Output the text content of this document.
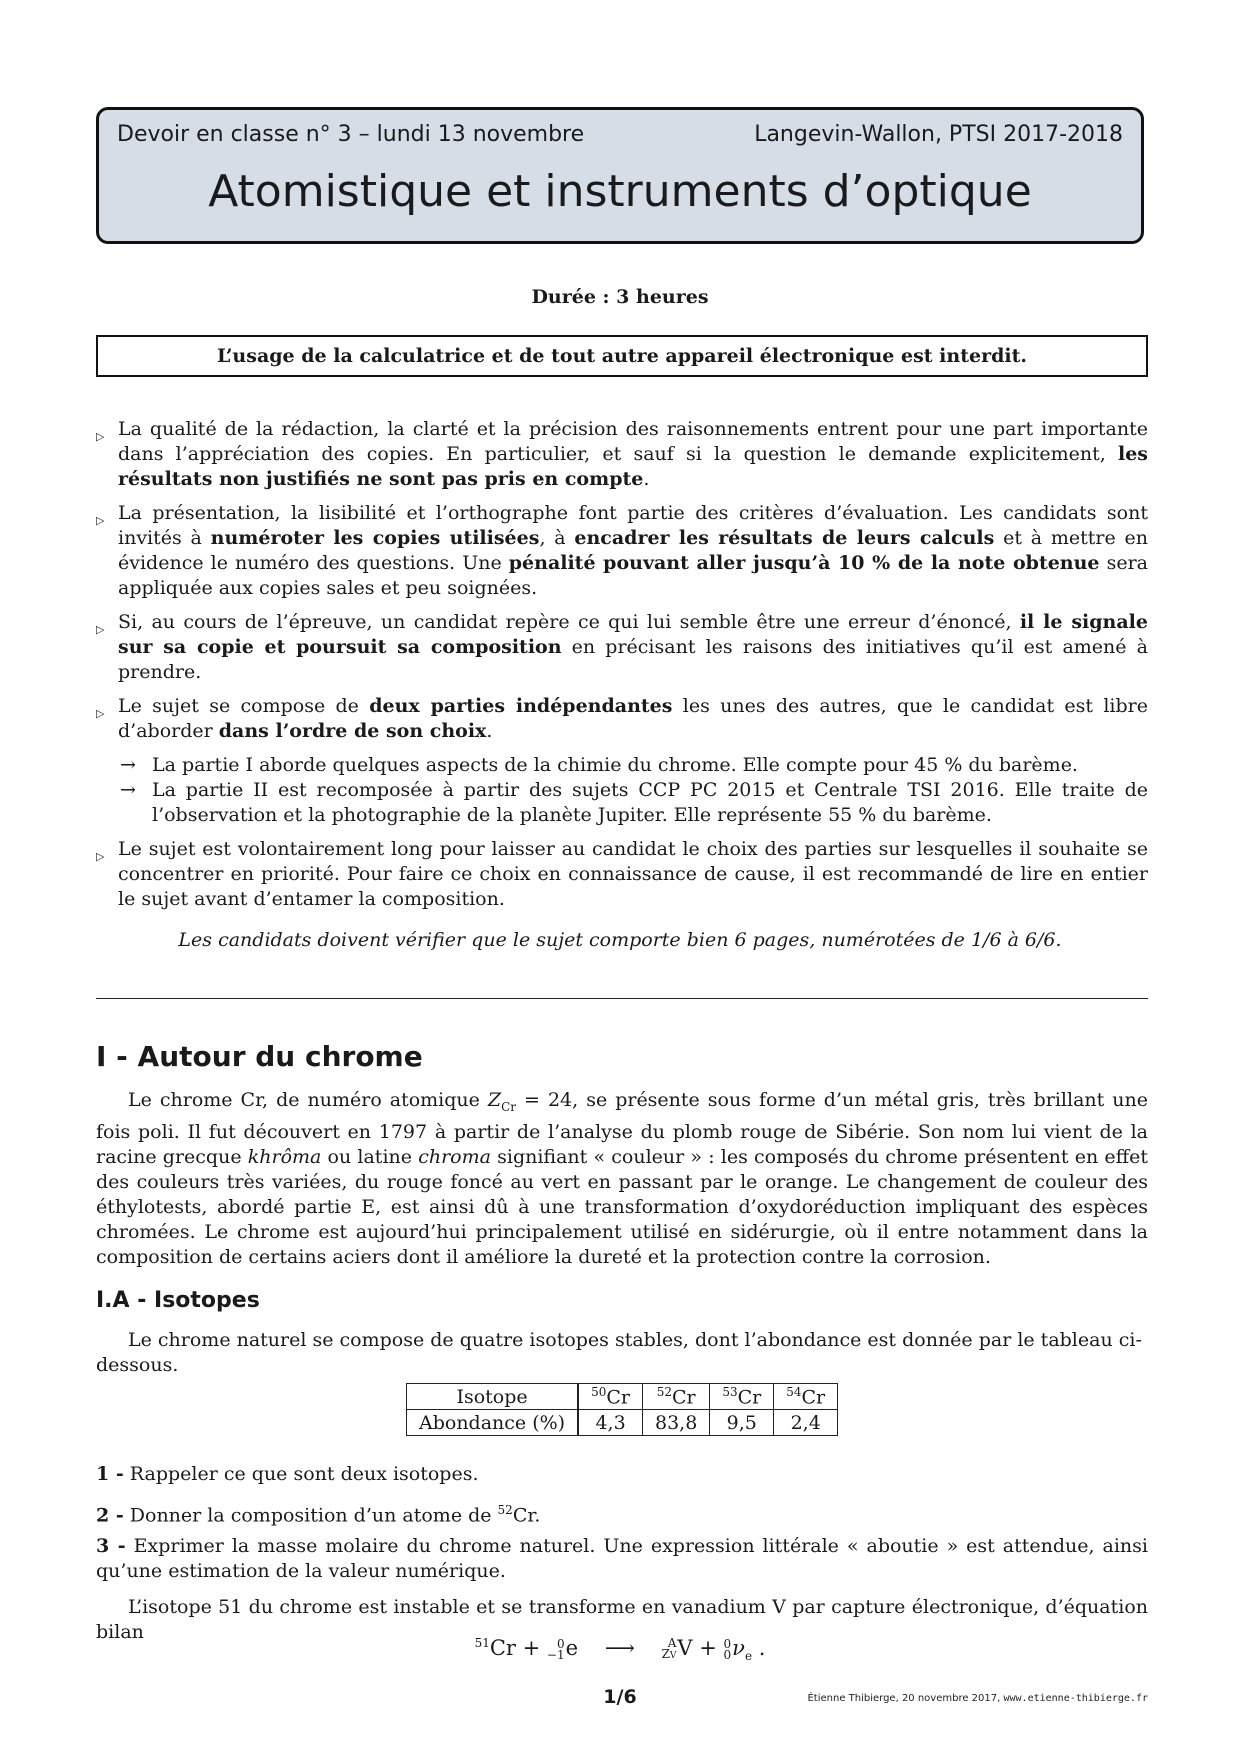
Devoir en classe n° 3 – lundi 13 novembre	Langevin-Wallon, PTSI 2017-2018
Atomistique et instruments d’optique
Durée : 3 heures
L’usage de la calculatrice et de tout autre appareil électronique est interdit.
▷ La qualité de la rédaction, la clarté et la précision des raisonnements entrent pour une part importante dans l’appréciation des copies. En particulier, et sauf si la question le demande explicitement, les résultats non justifiés ne sont pas pris en compte.
▷ La présentation, la lisibilité et l’orthographe font partie des critères d’évaluation. Les candidats sont invités à numéroter les copies utilisées, à encadrer les résultats de leurs calculs et à mettre en évidence le numéro des questions. Une pénalité pouvant aller jusqu’à 10 % de la note obtenue sera appliquée aux copies sales et peu soignées.
▷ Si, au cours de l’épreuve, un candidat repère ce qui lui semble être une erreur d’énoncé, il le signale sur sa copie et poursuit sa composition en précisant les raisons des initiatives qu’il est amené à prendre.
▷ Le sujet se compose de deux parties indépendantes les unes des autres, que le candidat est libre d’aborder dans l’ordre de son choix.
→ La partie I aborde quelques aspects de la chimie du chrome. Elle compte pour 45 % du barème.
→ La partie II est recomposée à partir des sujets CCP PC 2015 et Centrale TSI 2016. Elle traite de l’observation et la photographie de la planète Jupiter. Elle représente 55 % du barème.
▷ Le sujet est volontairement long pour laisser au candidat le choix des parties sur lesquelles il souhaite se concentrer en priorité. Pour faire ce choix en connaissance de cause, il est recommandé de lire en entier le sujet avant d’entamer la composition.
Les candidats doivent vérifier que le sujet comporte bien 6 pages, numérotées de 1/6 à 6/6.
I - Autour du chrome
Le chrome Cr, de numéro atomique $Z_{Cr} = 24$, se présente sous forme d’un métal gris, très brillant une fois poli. Il fut découvert en 1797 à partir de l’analyse du plomb rouge de Sibérie. Son nom lui vient de la racine grecque khrôma ou latine chroma signifiant « couleur » : les composés du chrome présentent en effet des couleurs très variées, du rouge foncé au vert en passant par le orange. Le changement de couleur des éthylotests, abordé partie E, est ainsi dû à une transformation d’oxydoréduction impliquant des espèces chromées. Le chrome est aujourd’hui principalement utilisé en sidérurgie, où il entre notamment dans la composition de certains aciers dont il améliore la dureté et la protection contre la corrosion.
I.A - Isotopes
Le chrome naturel se compose de quatre isotopes stables, dont l’abondance est donnée par le tableau ci-dessous.
Isotope	$^{50}$Cr	$^{52}$Cr	$^{53}$Cr	$^{54}$Cr
Abondance (%)	4,3	83,8	9,5	2,4
1 - Rappeler ce que sont deux isotopes.
2 - Donner la composition d’un atome de $^{52}$Cr.
3 - Exprimer la masse molaire du chrome naturel. Une expression littérale « aboutie » est attendue, ainsi qu’une estimation de la valeur numérique.
L’isotope 51 du chrome est instable et se transforme en vanadium V par capture électronique, d’équation bilan	$^{51}$Cr + 0
−1e ⟶	A
ZVV + 0
$0\nu_e$ .
1/6	Étienne Thibierge, 20 novembre 2017, www.etienne-thibierge.fr
